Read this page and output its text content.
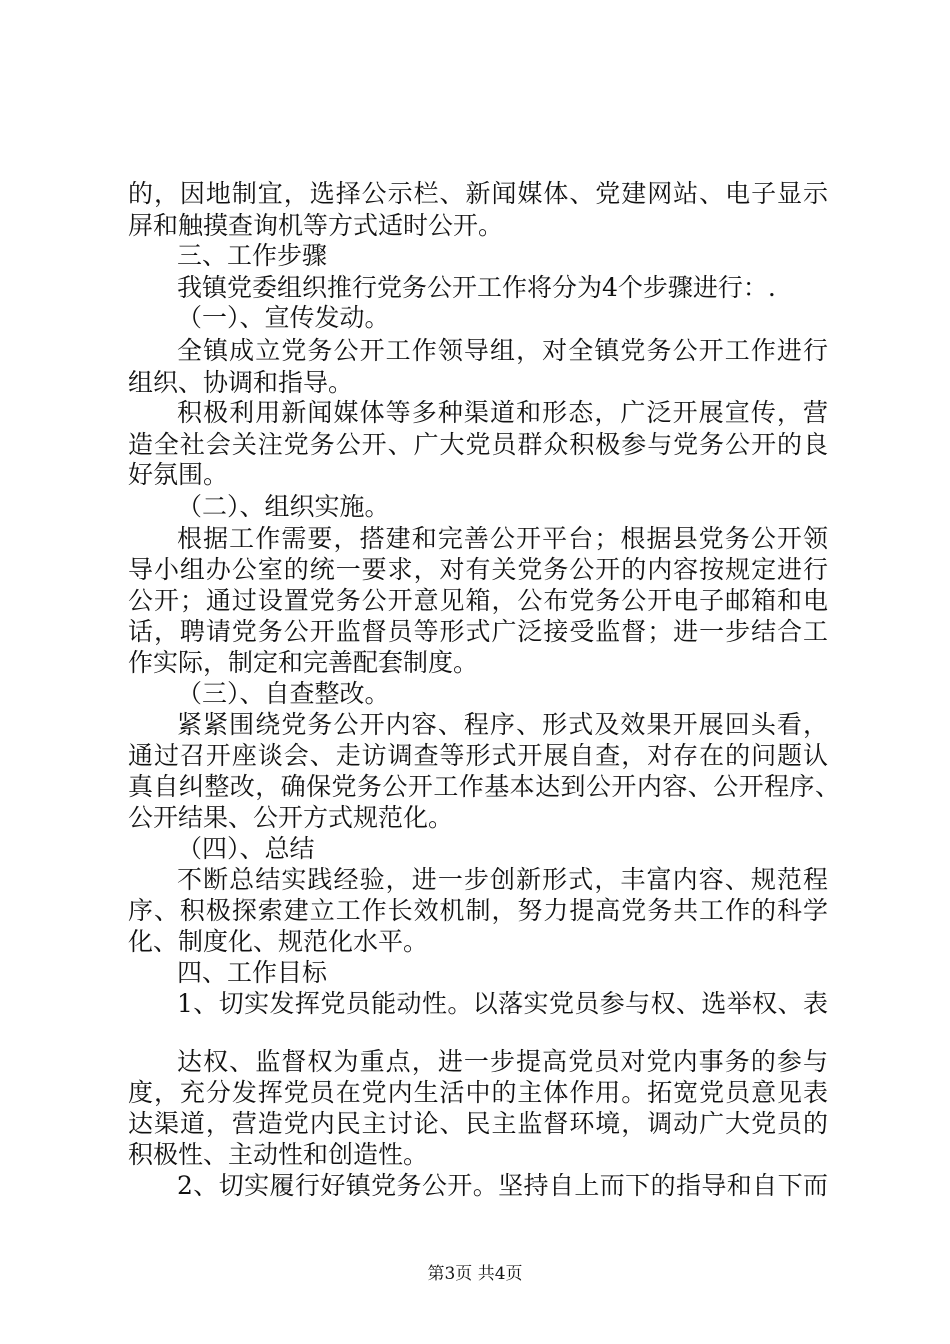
的，因地制宜，选择公示栏、新闻媒体、党建网站、电子显示
屏和触摸查询机等方式适时公开。
三、工作步骤
我镇党委组织推行党务公开工作将分为4个步骤进行：.
（一）、宣传发动。
全镇成立党务公开工作领导组，对全镇党务公开工作进行
组织、协调和指导。
积极利用新闻媒体等多种渠道和形态，广泛开展宣传，营
造全社会关注党务公开、广大党员群众积极参与党务公开的良
好氛围。
（二）、组织实施。
根据工作需要，搭建和完善公开平台；根据县党务公开领
导小组办公室的统一要求，对有关党务公开的内容按规定进行
公开；通过设置党务公开意见箱，公布党务公开电子邮箱和电
话，聘请党务公开监督员等形式广泛接受监督；进一步结合工
作实际，制定和完善配套制度。
（三）、自查整改。
紧紧围绕党务公开内容、程序、形式及效果开展回头看，
通过召开座谈会、走访调查等形式开展自查，对存在的问题认
真自纠整改，确保党务公开工作基本达到公开内容、公开程序、
公开结果、公开方式规范化。
（四）、总结
不断总结实践经验，进一步创新形式，丰富内容、规范程
序、积极探索建立工作长效机制，努力提高党务共工作的科学
化、制度化、规范化水平。
四、工作目标
1、切实发挥党员能动性。以落实党员参与权、选举权、表
达权、监督权为重点，进一步提高党员对党内事务的参与
度，充分发挥党员在党内生活中的主体作用。拓宽党员意见表
达渠道，营造党内民主讨论、民主监督环境，调动广大党员的
积极性、主动性和创造性。
2、切实履行好镇党务公开。坚持自上而下的指导和自下而
第3页 共4页
